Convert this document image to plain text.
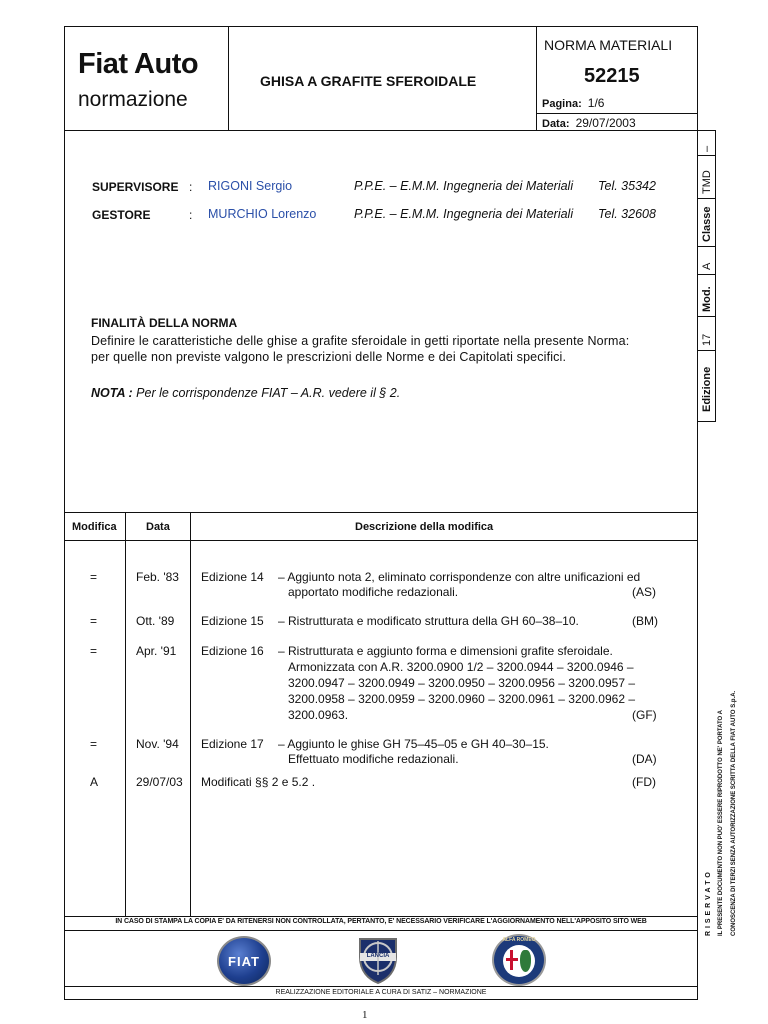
Fiat Auto
normazione
GHISA A GRAFITE SFEROIDALE
NORMA MATERIALI
52215
Pagina: 1/6
Data: 29/07/2003
SUPERVISORE : RIGONI Sergio	P.P.E. – E.M.M. Ingegneria dei Materiali Tel. 35342
GESTORE	: MURCHIO Lorenzo	P.P.E. – E.M.M. Ingegneria dei Materiali Tel. 32608
FINALITÀ DELLA NORMA
Definire le caratteristiche delle ghise a grafite sferoidale in getti riportate nella presente Norma:
per quelle non previste valgono le prescrizioni delle Norme e dei Capitolati specifici.
NOTA : Per le corrispondenze FIAT – A.R. vedere il § 2.
–
TMD
Classe
A
Mod.
17
Edizione
Modifica	Data	Descrizione della modifica
=	Feb. '83 Edizione 14 – Aggiunto nota 2, eliminato corrispondenze con altre unificazioni ed
apportato modifiche redazionali.	(AS)
=	Ott. '89 Edizione 15 – Ristrutturata e modificato struttura della GH 60–38–10.	(BM)
=	Apr. '91 Edizione 16 – Ristrutturata e aggiunto forma e dimensioni grafite sferoidale.
Armonizzata con A.R. 3200.0900 1/2 – 3200.0944 – 3200.0946 –
3200.0947 – 3200.0949 – 3200.0950 – 3200.0956 – 3200.0957 –
3200.0958 – 3200.0959 – 3200.0960 – 3200.0961 – 3200.0962 –
3200.0963.	(GF)
=	Nov. '94 Edizione 17 – Aggiunto le ghise GH 75–45–05 e GH 40–30–15.
Effettuato modifiche redazionali.	(DA)
A	29/07/03 Modificati §§ 2 e 5.2 .	(FD)
IN CASO DI STAMPA LA COPIA E' DA RITENERSI NON CONTROLLATA, PERTANTO, E' NECESSARIO VERIFICARE L'AGGIORNAMENTO NELL'APPOSITO SITO WEB
REALIZZAZIONE EDITORIALE A CURA DI SATIZ – NORMAZIONE
1
FIAT	LANCIA
ALFA ROMEO
R I S E R V A T O IL PRESENTE DOCUMENTO NON PUO' ESSERE RIPRODOTTO NE' PORTATO A CONOSCENZA DI TERZI SENZA AUTORIZZAZIONE SCRITTA DELLA FIAT AUTO S.p.A.
